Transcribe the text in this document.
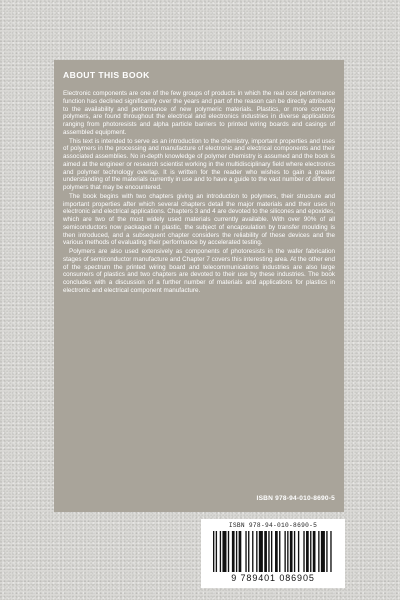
ABOUT THIS BOOK

Electronic components are one of the few groups of products in which the real cost performance function has declined significantly over the years and part of the reason can be directly attributed to the availability and performance of new polymeric materials. Plastics, or more correctly polymers, are found throughout the electrical and electronics industries in diverse applications ranging from photoresists and alpha particle barriers to printed wiring boards and casings of assembled equipment.

This text is intended to serve as an introduction to the chemistry, important properties and uses of polymers in the processing and manufacture of electronic and electrical components and their associated assemblies. No in-depth knowledge of polymer chemistry is assumed and the book is aimed at the engineer or research scientist working in the multidisciplinary field where electronics and polymer technology overlap. It is written for the reader who wishes to gain a greater understanding of the materials currently in use and to have a guide to the vast number of different polymers that may be encountered.

The book begins with two chapters giving an introduction to polymers, their structure and important properties after which several chapters detail the major materials and their uses in electronic and electrical applications. Chapters 3 and 4 are devoted to the silicones and epoxides, which are two of the most widely used materials currently available. With over 90% of all semiconductors now packaged in plastic, the subject of encapsulation by transfer moulding is then introduced, and a subsequent chapter considers the reliability of these devices and the various methods of evaluating their performance by accelerated testing.

Polymers are also used extensively as components of photoresists in the wafer fabrication stages of semiconductor manufacture and Chapter 7 covers this interesting area. At the other end of the spectrum the printed wiring board and telecommunications industries are also large consumers of plastics and two chapters are devoted to their use by these industries. The book concludes with a discussion of a further number of materials and applications for plastics in electronic and electrical component manufacture.

ISBN 978-94-010-8690-5
ISBN 978-94-010-8690-5
9 789401 086905
